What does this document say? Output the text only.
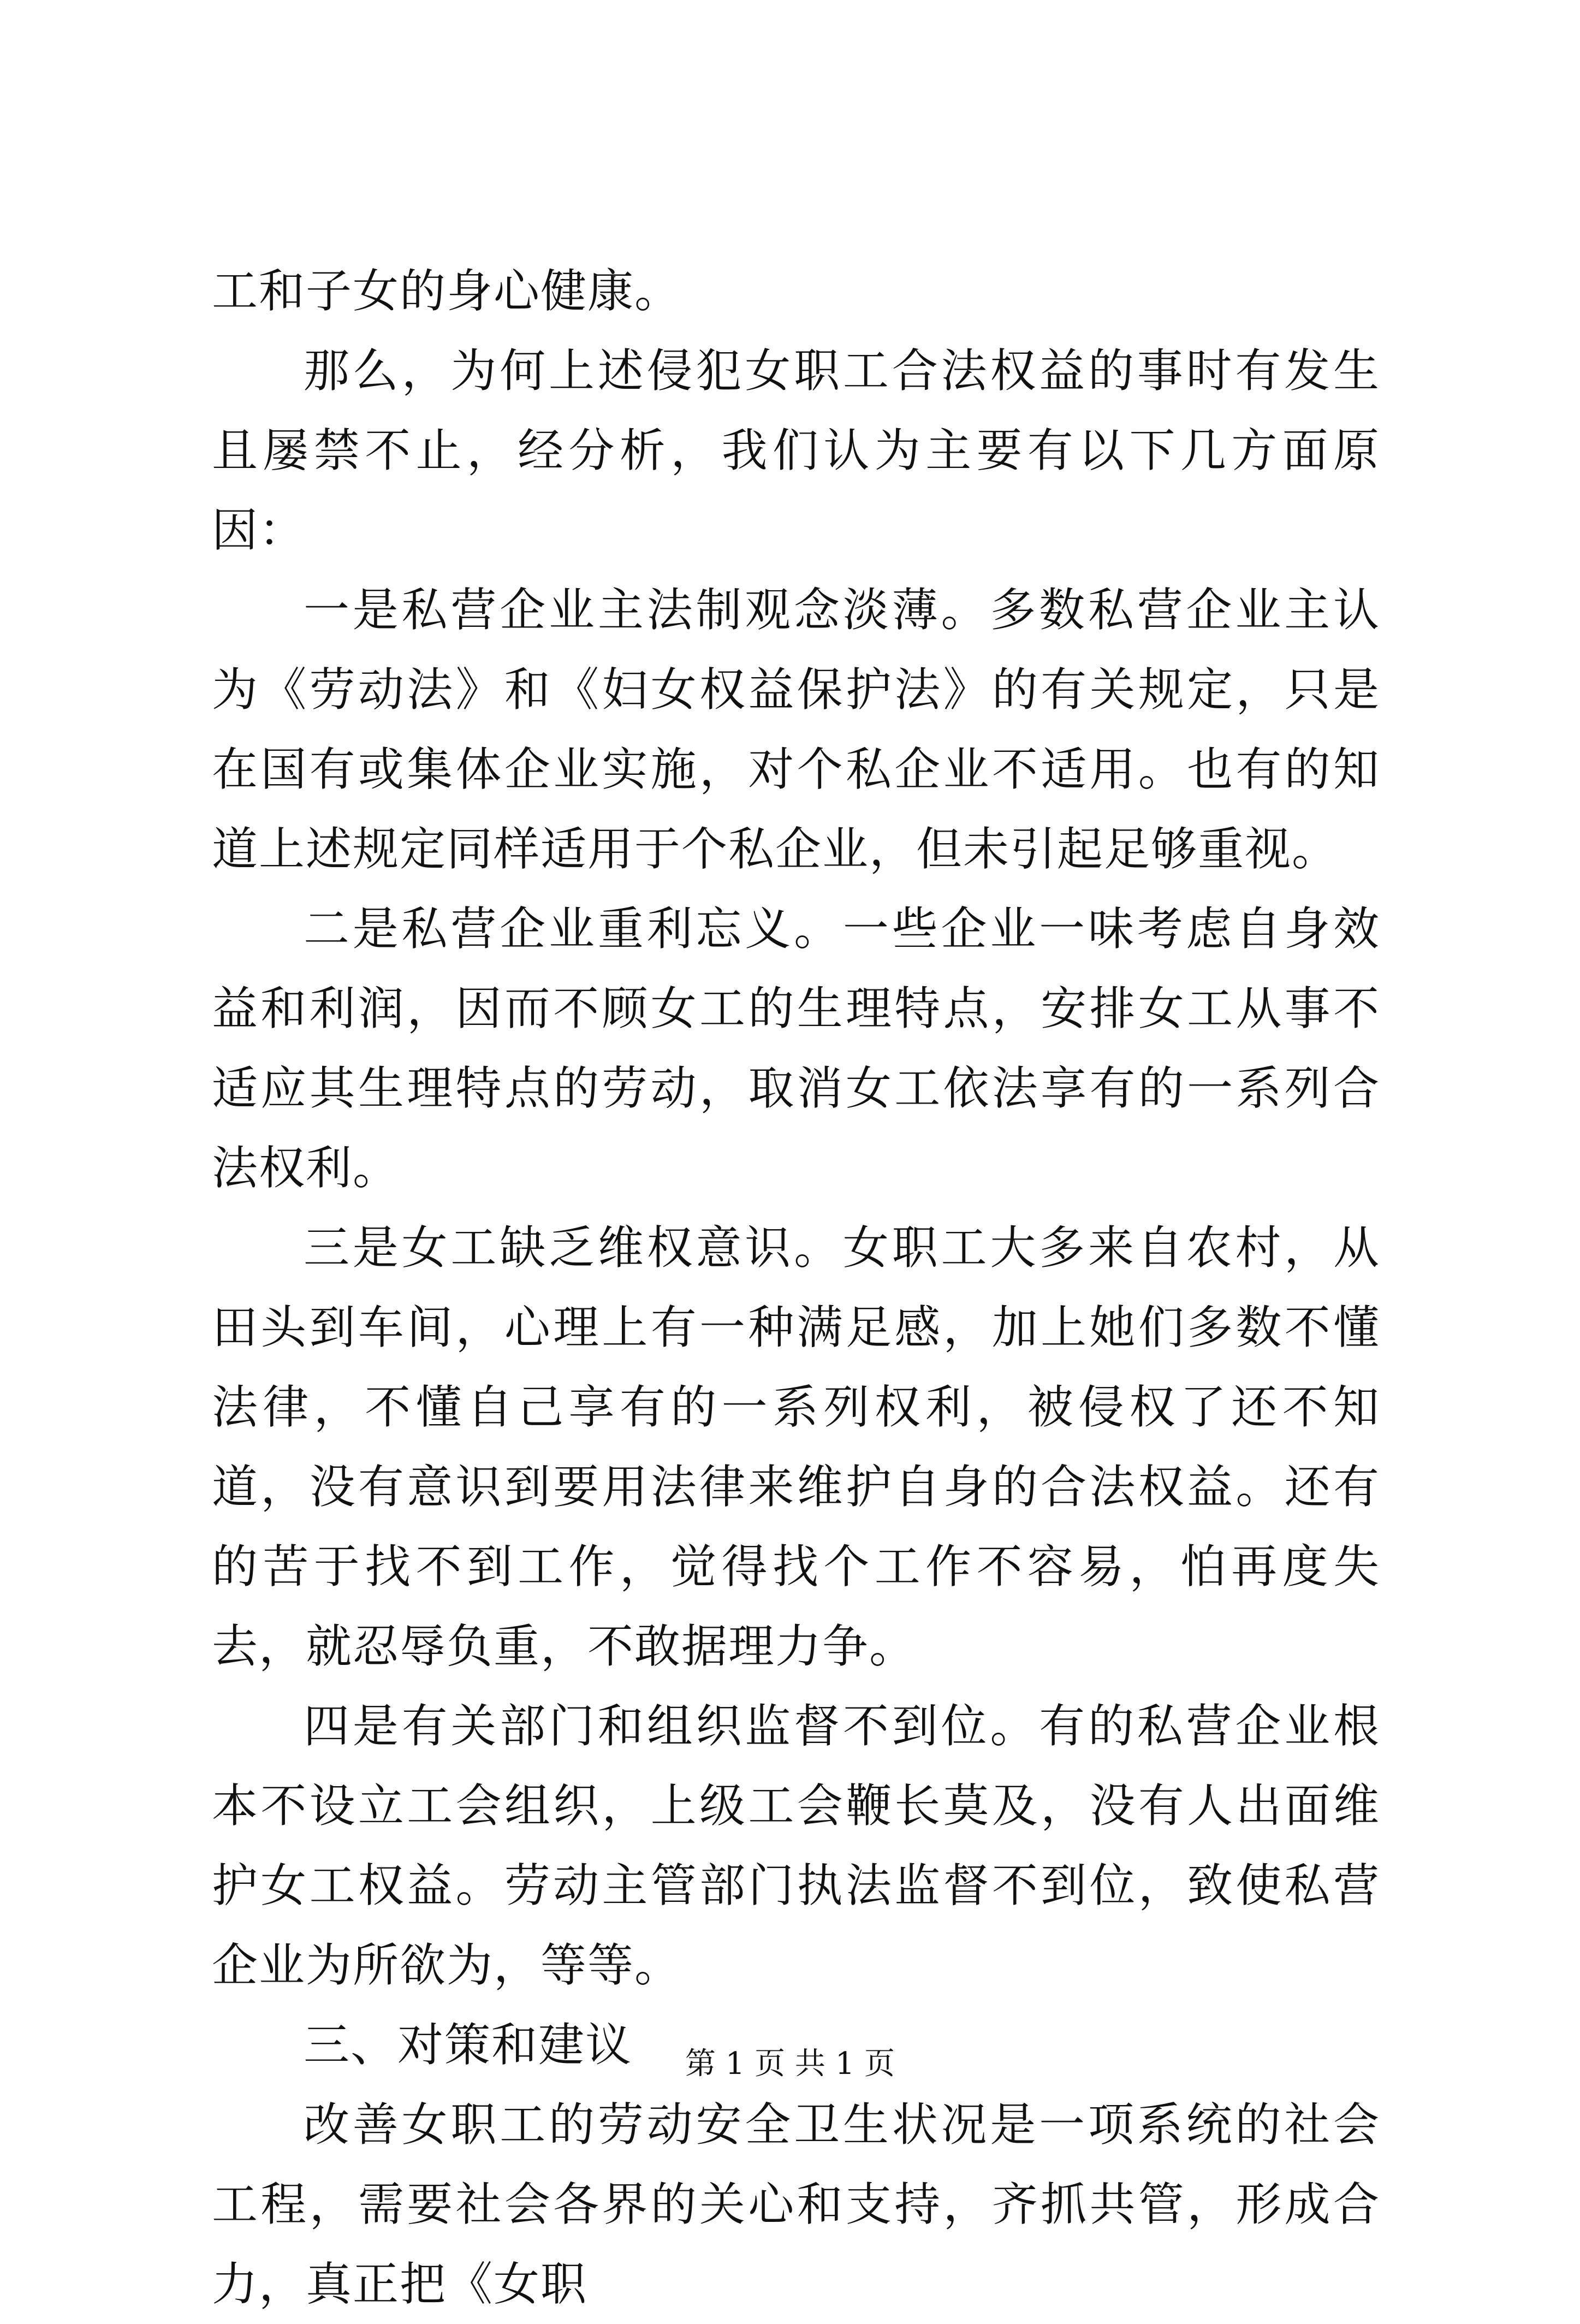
工和子女的身心健康。

那么，为何上述侵犯女职工合法权益的事时有发生且屡禁不止，经分析，我们认为主要有以下几方面原因：

一是私营企业主法制观念淡薄。多数私营企业主认为《劳动法》和《妇女权益保护法》的有关规定，只是在国有或集体企业实施，对个私企业不适用。也有的知道上述规定同样适用于个私企业，但未引起足够重视。

二是私营企业重利忘义。一些企业一味考虑自身效益和利润，因而不顾女工的生理特点，安排女工从事不适应其生理特点的劳动，取消女工依法享有的一系列合法权利。

三是女工缺乏维权意识。女职工大多来自农村，从田头到车间，心理上有一种满足感，加上她们多数不懂法律，不懂自己享有的一系列权利，被侵权了还不知道，没有意识到要用法律来维护自身的合法权益。还有的苦于找不到工作，觉得找个工作不容易，怕再度失去，就忍辱负重，不敢据理力争。

四是有关部门和组织监督不到位。有的私营企业根本不设立工会组织，上级工会鞭长莫及，没有人出面维护女工权益。劳动主管部门执法监督不到位，致使私营企业为所欲为，等等。

三、对策和建议

改善女职工的劳动安全卫生状况是一项系统的社会工程，需要社会各界的关心和支持，齐抓共管，形成合力，真正把《女职

第 1 页 共 1 页
